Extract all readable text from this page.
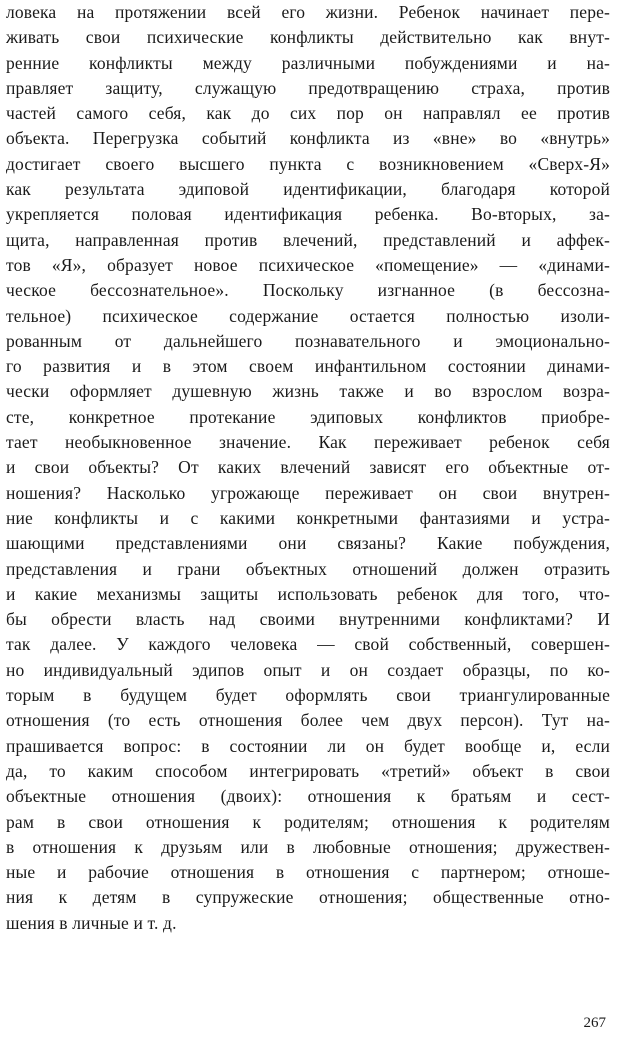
ловека на протяжении всей его жизни. Ребенок начинает пере-
живать свои психические конфликты действительно как внут-
ренние конфликты между различными побуждениями и на-
правляет защиту, служащую предотвращению страха, против
частей самого себя, как до сих пор он направлял ее против
объекта. Перегрузка событий конфликта из «вне» во «внутрь»
достигает своего высшего пункта с возникновением «Сверх-Я»
как результата эдиповой идентификации, благодаря которой
укрепляется половая идентификация ребенка. Во-вторых, за-
щита, направленная против влечений, представлений и аффек-
тов «Я», образует новое психическое «помещение» — «динами-
ческое бессознательное». Поскольку изгнанное (в бессозна-
тельное) психическое содержание остается полностью изоли-
рованным от дальнейшего познавательного и эмоционально-
го развития и в этом своем инфантильном состоянии динами-
чески оформляет душевную жизнь также и во взрослом возра-
сте, конкретное протекание эдиповых конфликтов приобре-
тает необыкновенное значение. Как переживает ребенок себя
и свои объекты? От каких влечений зависят его объектные от-
ношения? Насколько угрожающе переживает он свои внутрен-
ние конфликты и с какими конкретными фантазиями и устра-
шающими представлениями они связаны? Какие побуждения,
представления и грани объектных отношений должен отразить
и какие механизмы защиты использовать ребенок для того, что-
бы обрести власть над своими внутренними конфликтами? И
так далее. У каждого человека — свой собственный, совершен-
но индивидуальный эдипов опыт и он создает образцы, по ко-
торым в будущем будет оформлять свои триангулированные
отношения (то есть отношения более чем двух персон). Тут на-
прашивается вопрос: в состоянии ли он будет вообще и, если
да, то каким способом интегрировать «третий» объект в свои
объектные отношения (двоих): отношения к братьям и сест-
рам в свои отношения к родителям; отношения к родителям
в отношения к друзьям или в любовные отношения; дружествен-
ные и рабочие отношения в отношения с партнером; отноше-
ния к детям в супружеские отношения; общественные отно-
шения в личные и т. д.
267
